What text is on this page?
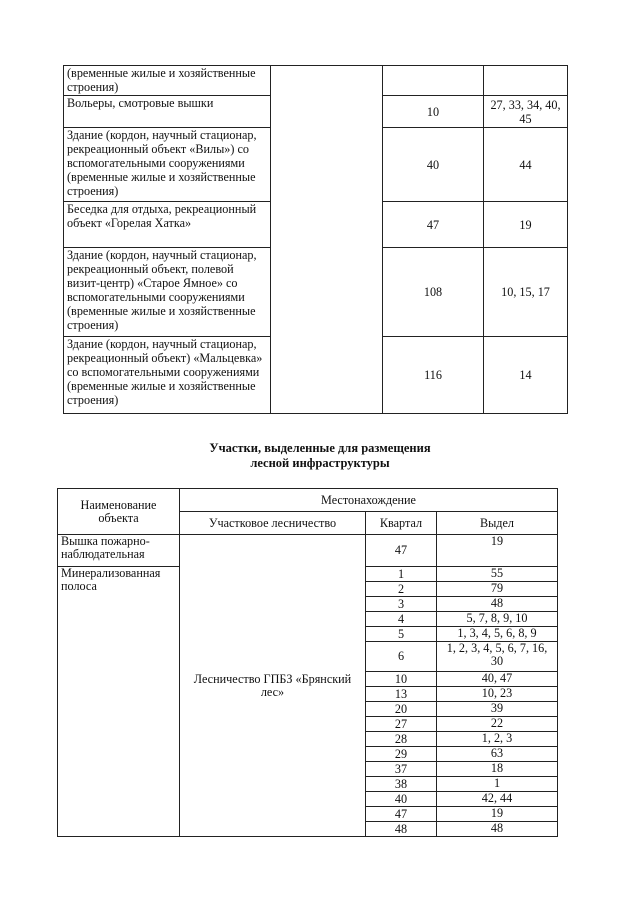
(временные жилые и хозяйственные строения)			
Вольеры, смотровые вышки		10	27, 33, 34, 40, 45
Здание (кордон, научный стационар, рекреационный объект «Вилы») со вспомогательными сооружениями (временные жилые и хозяйственные строения)		40	44
Беседка для отдыха, рекреационный объект «Горелая Хатка»		47	19
Здание (кордон, научный стационар, рекреационный объект, полевой визит-центр) «Старое Ямное» со вспомогательными сооружениями (временные жилые и хозяйственные строения)		108	10, 15, 17
Здание (кордон, научный стационар, рекреационный объект) «Мальцевка» со вспомогательными сооружениями (временные жилые и хозяйственные строения)		116	14
Участки, выделенные для размещения
лесной инфраструктуры
Наименование объекта	Местонахождение		
	Участковое лесничество	Квартал	Выдел
Вышка пожарно-наблюдательная	Лесничество ГПБЗ «Брянский лес»	47	19
Минерализованная полоса		1	55
		2	79
		3	48
		4	5, 7, 8, 9, 10
		5	1, 3, 4, 5, 6, 8, 9
		6	1, 2, 3, 4, 5, 6, 7, 16, 30
		10	40, 47
		13	10, 23
		20	39
		27	22
		28	1, 2, 3
		29	63
		37	18
		38	1
		40	42, 44
		47	19
		48	48
